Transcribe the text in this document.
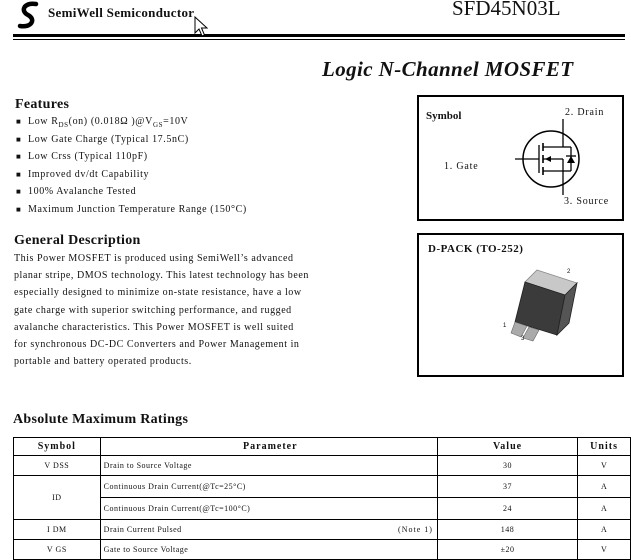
SemiWell Semiconductor	SFD45N03L
Logic N-Channel MOSFET
Features
■ Low $R_{DS}(on)$ (0.018Ω )$@V_{GS}=10V$
■ Low Gate Charge (Typical 17.5nC)
■ Low Crss (Typical 110pF)
■ Improved dv/dt Capability
■ 100% Avalanche Tested
■ Maximum Junction Temperature Range (150°C)
Symbol	2. Drain
1. Gate
3. Source
General Description
This Power MOSFET is produced using SemiWell’s advanced
planar stripe, DMOS technology. This latest technology has been
especially designed to minimize on-state resistance, have a low
gate charge with superior switching performance, and rugged
avalanche characteristics. This Power MOSFET is well suited
for synchronous DC-DC Converters and Power Management in
portable and battery operated products.
D-PACK (TO-252)
2
1
3
Absolute Maximum Ratings
Symbol	Parameter	Value	Units
V DSS	Drain to Source Voltage	30	V
ID	Continuous Drain Current(@Tc=25°C)	37	A
	Continuous Drain Current(@Tc=100°C)	24	A
I DM	Drain Current Pulsed (Note 1)	148	A
V GS	Gate to Source Voltage	±20	V
